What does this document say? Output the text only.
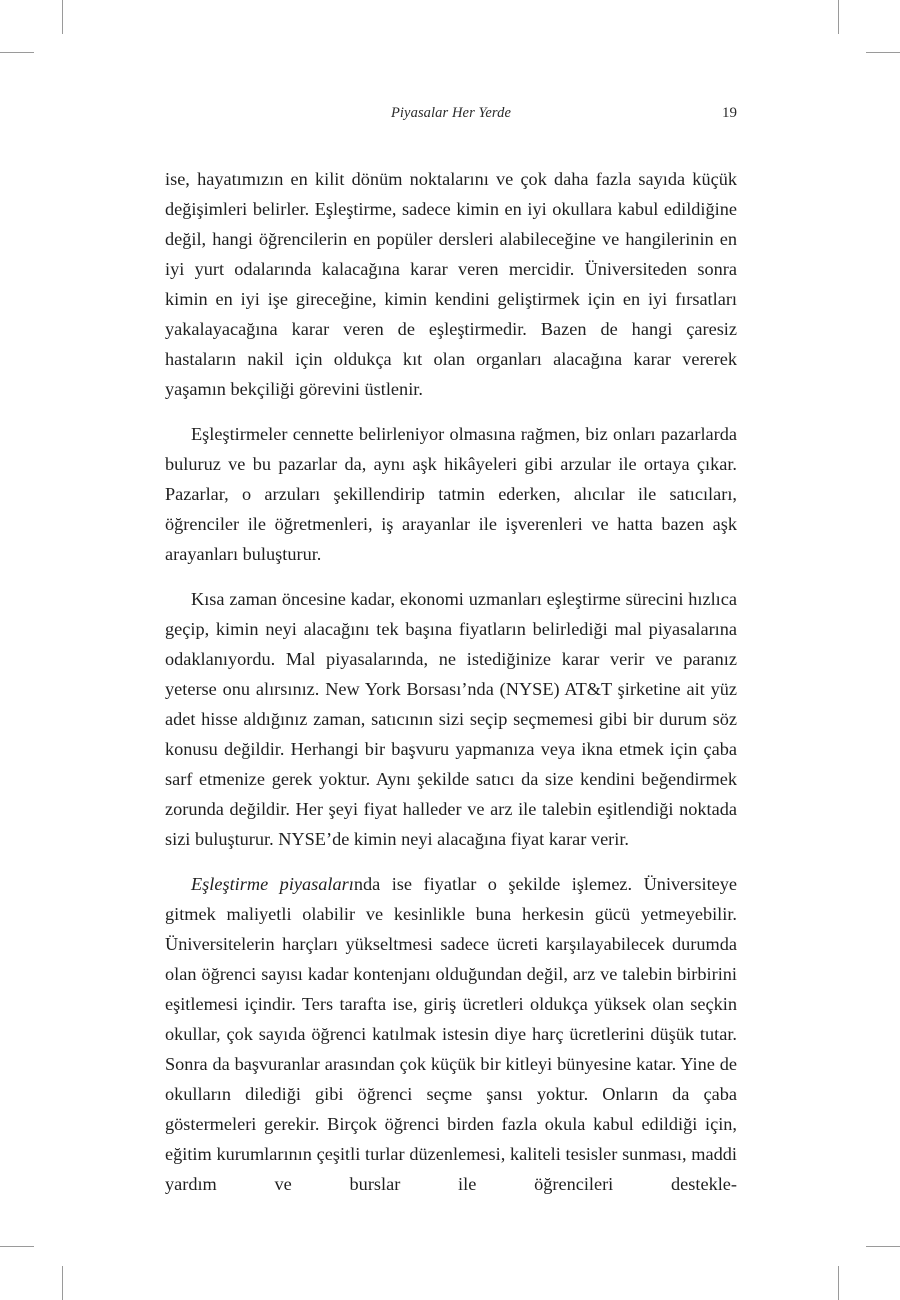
Piyasalar Her Yerde	19

ise, hayatımızın en kilit dönüm noktalarını ve çok daha fazla sayıda küçük değişimleri belirler. Eşleştirme, sadece kimin en iyi okullara kabul edildiğine değil, hangi öğrencilerin en popüler dersleri alabileceğine ve hangilerinin en iyi yurt odalarında kalacağına karar veren mercidir. Üniversiteden sonra kimin en iyi işe gireceğine, kimin kendini geliştirmek için en iyi fırsatları yakalayacağına karar veren de eşleştirmedir. Bazen de hangi çaresiz hastaların nakil için oldukça kıt olan organları alacağına karar vererek yaşamın bekçiliği görevini üstlenir.

Eşleştirmeler cennette belirleniyor olmasına rağmen, biz onları pazarlarda buluruz ve bu pazarlar da, aynı aşk hikâyeleri gibi arzular ile ortaya çıkar. Pazarlar, o arzuları şekillendirip tatmin ederken, alıcılar ile satıcıları, öğrenciler ile öğretmenleri, iş arayanlar ile işverenleri ve hatta bazen aşk arayanları buluşturur.

Kısa zaman öncesine kadar, ekonomi uzmanları eşleştirme sürecini hızlıca geçip, kimin neyi alacağını tek başına fiyatların belirlediği mal piyasalarına odaklanıyordu. Mal piyasalarında, ne istediğinize karar verir ve paranız yeterse onu alırsınız. New York Borsası’nda (NYSE) AT&T şirketine ait yüz adet hisse aldığınız zaman, satıcının sizi seçip seçmemesi gibi bir durum söz konusu değildir. Herhangi bir başvuru yapmanıza veya ikna etmek için çaba sarf etmenize gerek yoktur. Aynı şekilde satıcı da size kendini beğendirmek zorunda değildir. Her şeyi fiyat halleder ve arz ile talebin eşitlendiği noktada sizi buluşturur. NYSE’de kimin neyi alacağına fiyat karar verir.

Eşleştirme piyasalarında ise fiyatlar o şekilde işlemez. Üniversiteye gitmek maliyetli olabilir ve kesinlikle buna herkesin gücü yetmeyebilir. Üniversitelerin harçları yükseltmesi sadece ücreti karşılayabilecek durumda olan öğrenci sayısı kadar kontenjanı olduğundan değil, arz ve talebin birbirini eşitlemesi içindir. Ters tarafta ise, giriş ücretleri oldukça yüksek olan seçkin okullar, çok sayıda öğrenci katılmak istesin diye harç ücretlerini düşük tutar. Sonra da başvuranlar arasından çok küçük bir kitleyi bünyesine katar. Yine de okulların dilediği gibi öğrenci seçme şansı yoktur. Onların da çaba göstermeleri gerekir. Birçok öğrenci birden fazla okula kabul edildiği için, eğitim kurumlarının çeşitli turlar düzenlemesi, kaliteli tesisler sunması, maddi yardım ve burslar ile öğrencileri destekle-
